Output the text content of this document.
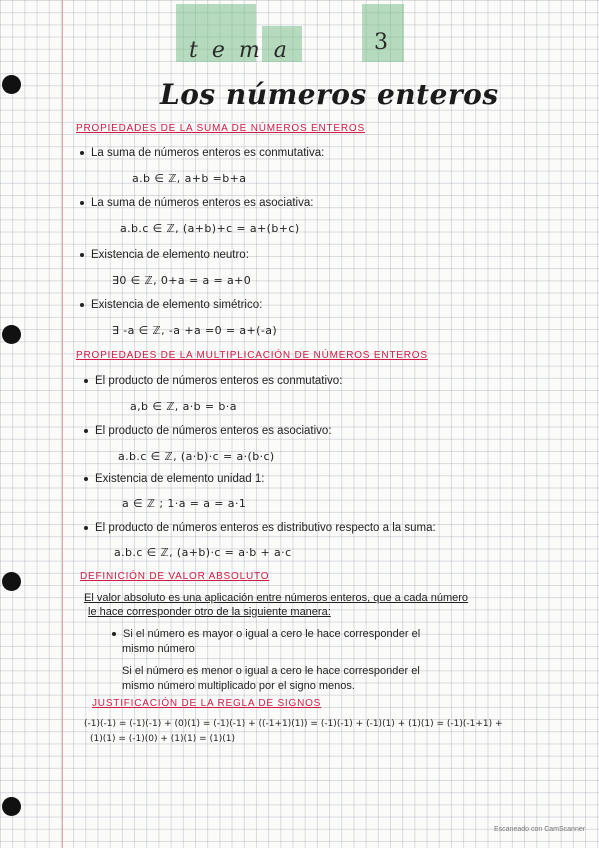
tema	3
Los números enteros
PROPIEDADES DE LA SUMA DE NÚMEROS ENTEROS
La suma de números enteros es conmutativa:
a.b ∈ ℤ, a+b =b+a
La suma de números enteros es asociativa:
a.b.c ∈ ℤ, (a+b)+c = a+(b+c)
Existencia de elemento neutro:
∃0 ∈ ℤ, 0+a = a = a+0
Existencia de elemento simétrico:
∃ -a ∈ ℤ, -a +a =0 = a+(-a)
PROPIEDADES DE LA MULTIPLICACIÓN DE NÚMEROS ENTEROS
El producto de números enteros es conmutativo:
a,b ∈ ℤ, a·b = b·a
El producto de números enteros es asociativo:
a.b.c ∈ ℤ, (a·b)·c = a·(b·c)
Existencia de elemento unidad 1:
a ∈ ℤ ; 1·a = a = a·1
El producto de números enteros es distributivo respecto a la suma:
a.b.c ∈ ℤ, (a+b)·c = a·b + a·c
DEFINICIÓN DE VALOR ABSOLUTO
El valor absoluto es una aplicación entre números enteros, que a cada número
le hace corresponder otro de la siguiente manera:
Si el número es mayor o igual a cero le hace corresponder el
mismo número
Si el número es menor o igual a cero le hace corresponder el
mismo número multiplicado por el signo menos.
JUSTIFICACIÓN DE LA REGLA DE SIGNOS
(-1)(-1) = (-1)(-1) + (0)(1) = (-1)(-1) + ((-1+1)(1)) = (-1)(-1) + (-1)(1) + (1)(1) = (-1)(-1+1) +
(1)(1) = (-1)(0) + (1)(1) = (1)(1)
Escaneado con CamScanner
